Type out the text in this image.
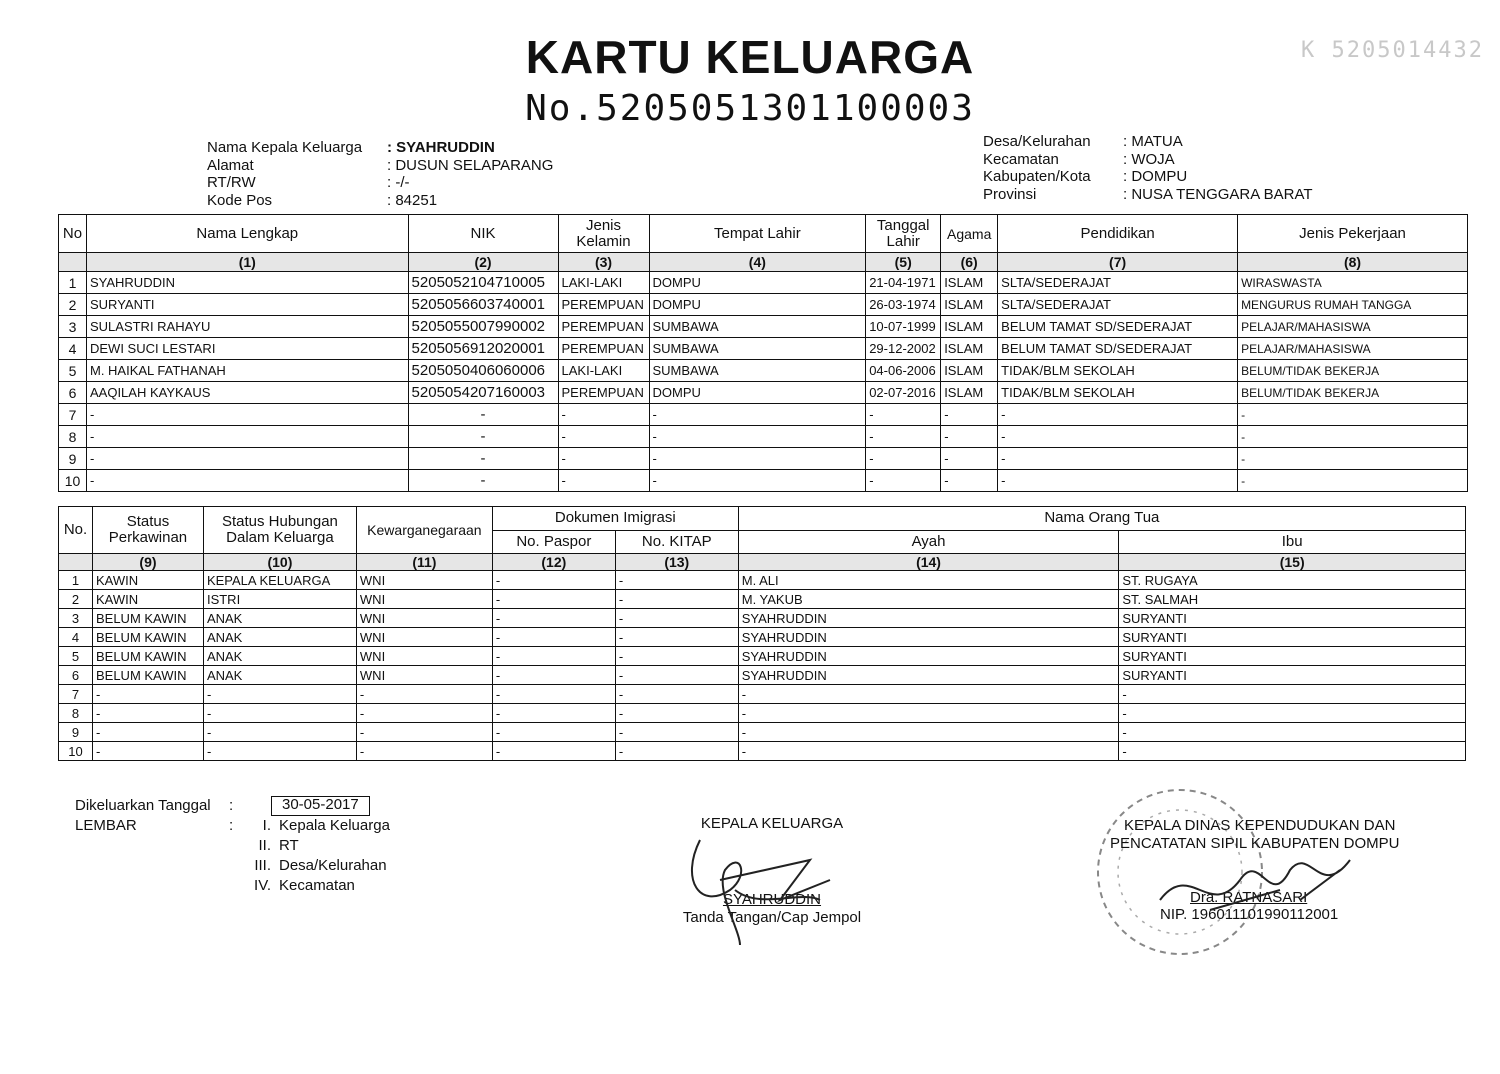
KARTU KELUARGA
No.5205051301100003
K 5205014432
Nama Kepala Keluarga	: SYAHRUDDIN
Alamat	: DUSUN SELAPARANG
RT/RW	: -/-
Kode Pos	: 84251
Desa/Kelurahan	: MATUA
Kecamatan	: WOJA
Kabupaten/Kota	: DOMPU
Provinsi	: NUSA TENGGARA BARAT
No	Nama Lengkap	NIK	Jenis Kelamin	Tempat Lahir	Tanggal Lahir	Agama	Pendidikan	Jenis Pekerjaan
	(1)	(2)	(3)	(4)	(5)	(6)	(7)	(8)
1	SYAHRUDDIN	5205052104710005	LAKI-LAKI	DOMPU	21-04-1971	ISLAM	SLTA/SEDERAJAT	WIRASWASTA
2	SURYANTI	5205056603740001	PEREMPUAN	DOMPU	26-03-1974	ISLAM	SLTA/SEDERAJAT	MENGURUS RUMAH TANGGA
3	SULASTRI RAHAYU	5205055007990002	PEREMPUAN	SUMBAWA	10-07-1999	ISLAM	BELUM TAMAT SD/SEDERAJAT	PELAJAR/MAHASISWA
4	DEWI SUCI LESTARI	5205056912020001	PEREMPUAN	SUMBAWA	29-12-2002	ISLAM	BELUM TAMAT SD/SEDERAJAT	PELAJAR/MAHASISWA
5	M. HAIKAL FATHANAH	5205050406060006	LAKI-LAKI	SUMBAWA	04-06-2006	ISLAM	TIDAK/BLM SEKOLAH	BELUM/TIDAK BEKERJA
6	AAQILAH KAYKAUS	5205054207160003	PEREMPUAN	DOMPU	02-07-2016	ISLAM	TIDAK/BLM SEKOLAH	BELUM/TIDAK BEKERJA
7	-	-	-	-	-	-	-	-
8	-	-	-	-	-	-	-	-
9	-	-	-	-	-	-	-	-
10	-	-	-	-	-	-	-	-
No.	Status Perkawinan	Status Hubungan Dalam Keluarga	Kewarganegaraan	Dokumen Imigrasi		Nama Orang Tua	
				No. Paspor	No. KITAP	Ayah	Ibu
	(9)	(10)	(11)	(12)	(13)	(14)	(15)
1	KAWIN	KEPALA KELUARGA	WNI	-	-	M. ALI	ST. RUGAYA
2	KAWIN	ISTRI	WNI	-	-	M. YAKUB	ST. SALMAH
3	BELUM KAWIN	ANAK	WNI	-	-	SYAHRUDDIN	SURYANTI
4	BELUM KAWIN	ANAK	WNI	-	-	SYAHRUDDIN	SURYANTI
5	BELUM KAWIN	ANAK	WNI	-	-	SYAHRUDDIN	SURYANTI
6	BELUM KAWIN	ANAK	WNI	-	-	SYAHRUDDIN	SURYANTI
7	-	-	-	-	-	-	-
8	-	-	-	-	-	-	-
9	-	-	-	-	-	-	-
10	-	-	-	-	-	-	-
Dikeluarkan Tanggal	:	30-05-2017
LEMBAR	:	I. Kepala Keluarga
II. RT
III. Desa/Kelurahan
IV. Kecamatan
KEPALA KELUARGA
SYAHRUDDIN
Tanda Tangan/Cap Jempol
KEPALA DINAS KEPENDUDUKAN DAN
PENCATATAN SIPIL KABUPATEN DOMPU
Dra. RATNASARI
NIP. 196011101990112001
